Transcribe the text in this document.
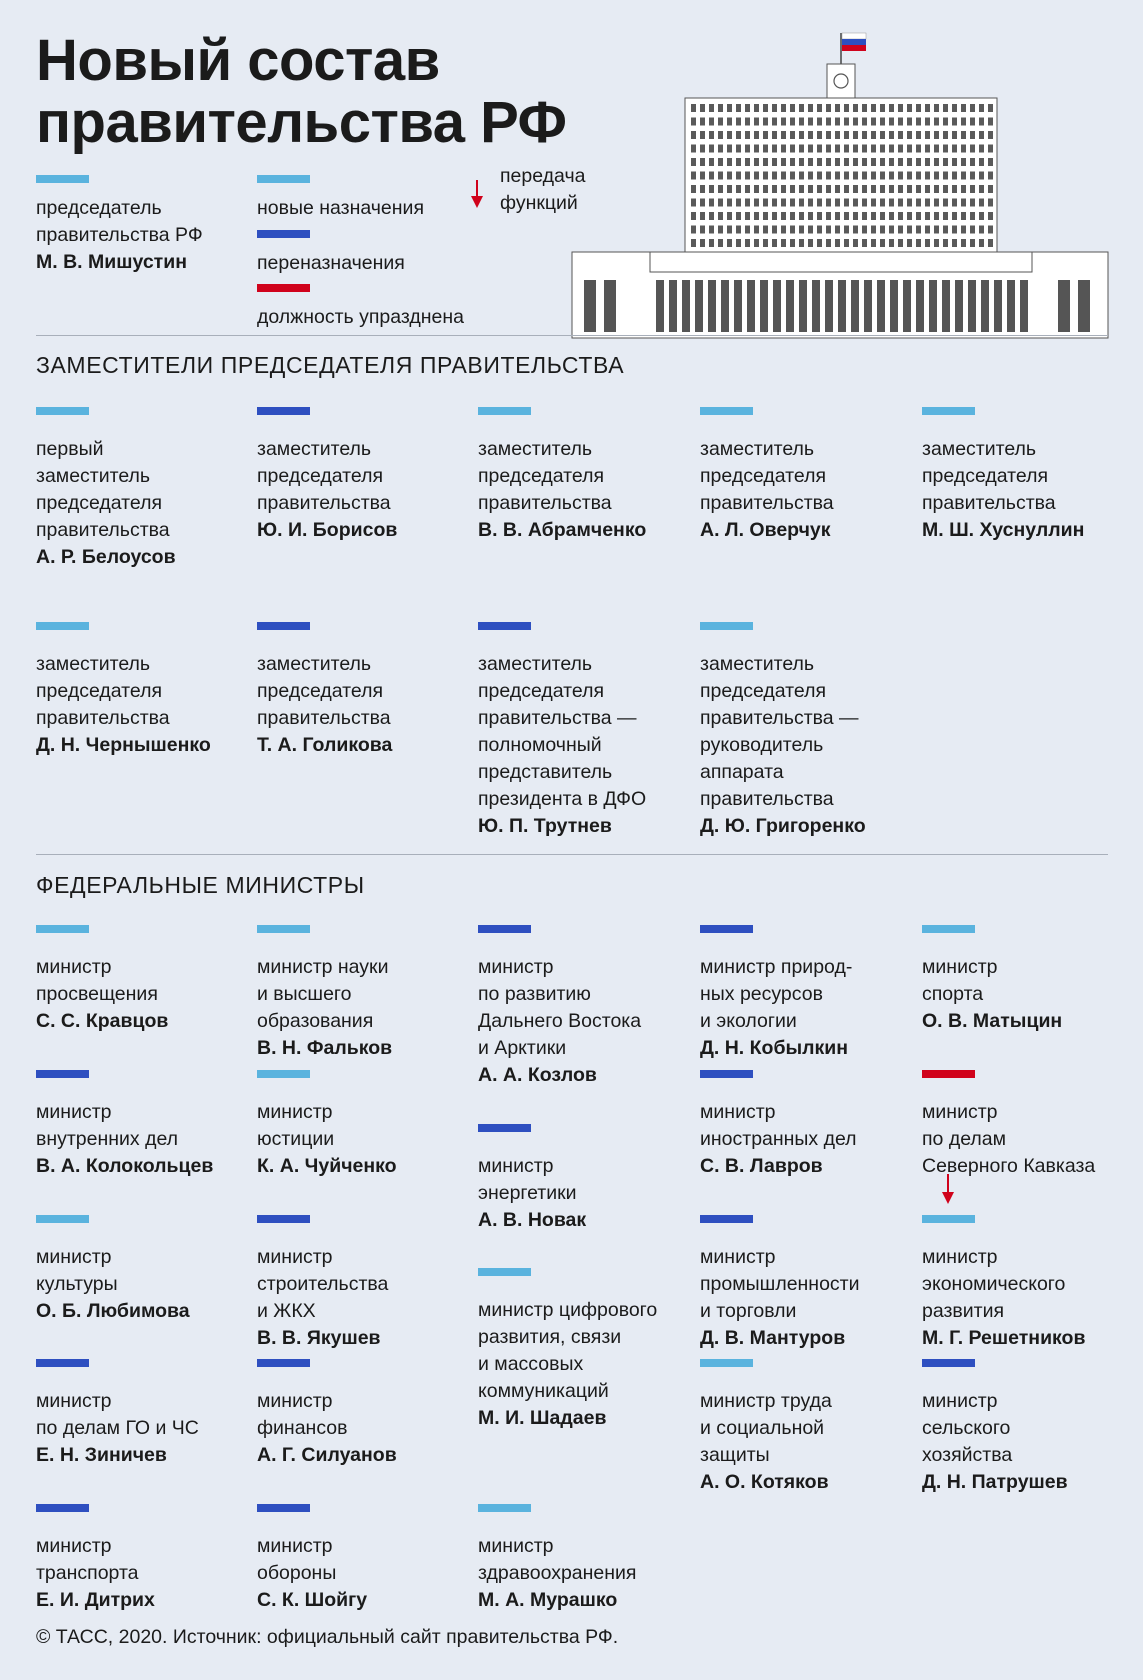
Новый состав
правительства РФ
председатель
правительства РФ
М. В. Мишустин
новые назначения
переназначения
должность упразднена
передача
функций
ЗАМЕСТИТЕЛИ ПРЕДСЕДАТЕЛЯ ПРАВИТЕЛЬСТВА
первый
заместитель
председателя
правительства
А. Р. Белоусов
заместитель
председателя
правительства
Ю. И. Борисов
заместитель
председателя
правительства
В. В. Абрамченко
заместитель
председателя
правительства
А. Л. Оверчук
заместитель
председателя
правительства
М. Ш. Хуснуллин
заместитель
председателя
правительства
Д. Н. Чернышенко
заместитель
председателя
правительства
Т. А. Голикова
заместитель
председателя
правительства —
полномочный
представитель
президента в ДФО
Ю. П. Трутнев
заместитель
председателя
правительства —
руководитель
аппарата
правительства
Д. Ю. Григоренко
ФЕДЕРАЛЬНЫЕ МИНИСТРЫ
министр
просвещения
С. С. Кравцов
министр
внутренних дел
В. А. Колокольцев
министр
культуры
О. Б. Любимова
министр
по делам ГО и ЧС
Е. Н. Зиничев
министр
транспорта
Е. И. Дитрих
министр науки
и высшего
образования
В. Н. Фальков
министр
юстиции
К. А. Чуйченко
министр
строительства
и ЖКХ
В. В. Якушев
министр
финансов
А. Г. Силуанов
министр
обороны
С. К. Шойгу
министр
по развитию
Дальнего Востока
и Арктики
А. А. Козлов
министр
энергетики
А. В. Новак
министр цифрового
развития, связи
и массовых
коммуникаций
М. И. Шадаев
министр
здравоохранения
М. А. Мурашко
министр природ-
ных ресурсов
и экологии
Д. Н. Кобылкин
министр
иностранных дел
С. В. Лавров
министр
промышленности
и торговли
Д. В. Мантуров
министр труда
и социальной
защиты
А. О. Котяков
министр
спорта
О. В. Матыцин
министр
по делам
Северного Кавказа
министр
экономического
развития
М. Г. Решетников
министр
сельского
хозяйства
Д. Н. Патрушев
© ТАСС, 2020. Источник: официальный сайт правительства РФ.
